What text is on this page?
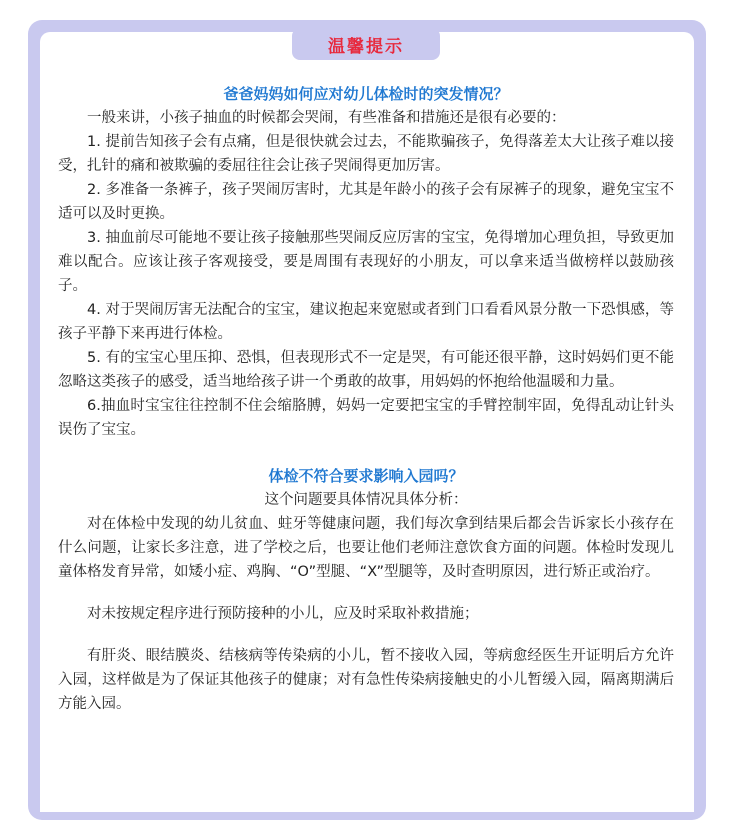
温馨提示

爸爸妈妈如何应对幼儿体检时的突发情况？

一般来讲，小孩子抽血的时候都会哭闹，有些准备和措施还是很有必要的：

1. 提前告知孩子会有点痛，但是很快就会过去，不能欺骗孩子，免得落差太大让孩子难以接受，扎针的痛和被欺骗的委屈往往会让孩子哭闹得更加厉害。

2. 多准备一条裤子，孩子哭闹厉害时，尤其是年龄小的孩子会有尿裤子的现象，避免宝宝不适可以及时更换。

3. 抽血前尽可能地不要让孩子接触那些哭闹反应厉害的宝宝，免得增加心理负担，导致更加难以配合。应该让孩子客观接受，要是周围有表现好的小朋友，可以拿来适当做榜样以鼓励孩子。

4. 对于哭闹厉害无法配合的宝宝，建议抱起来宽慰或者到门口看看风景分散一下恐惧感，等孩子平静下来再进行体检。

5. 有的宝宝心里压抑、恐惧，但表现形式不一定是哭，有可能还很平静，这时妈妈们更不能忽略这类孩子的感受，适当地给孩子讲一个勇敢的故事，用妈妈的怀抱给他温暖和力量。

6.抽血时宝宝往往控制不住会缩胳膊，妈妈一定要把宝宝的手臂控制牢固，免得乱动让针头误伤了宝宝。

体检不符合要求影响入园吗？

这个问题要具体情况具体分析：

对在体检中发现的幼儿贫血、蛀牙等健康问题，我们每次拿到结果后都会告诉家长小孩存在什么问题，让家长多注意，进了学校之后，也要让他们老师注意饮食方面的问题。体检时发现儿童体格发育异常，如矮小症、鸡胸、“O”型腿、“X”型腿等，及时查明原因，进行矫正或治疗。

对未按规定程序进行预防接种的小儿，应及时采取补救措施；

有肝炎、眼结膜炎、结核病等传染病的小儿，暂不接收入园，等病愈经医生开证明后方允许入园，这样做是为了保证其他孩子的健康；对有急性传染病接触史的小儿暂缓入园，隔离期满后方能入园。
